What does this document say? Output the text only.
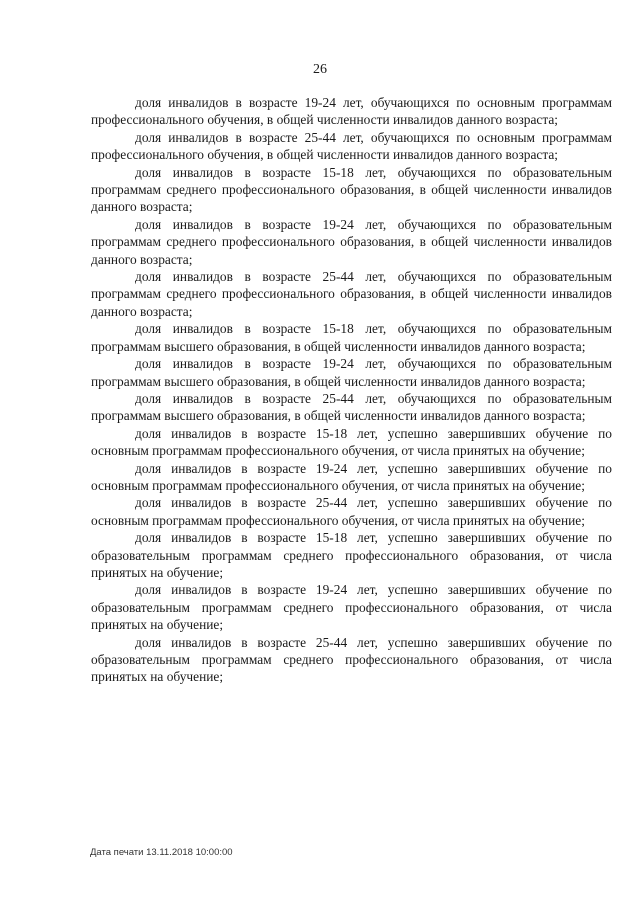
26

доля инвалидов в возрасте 19-24 лет, обучающихся по основным программам профессионального обучения, в общей численности инвалидов данного возраста;

доля инвалидов в возрасте 25-44 лет, обучающихся по основным программам профессионального обучения, в общей численности инвалидов данного возраста;

доля инвалидов в возрасте 15-18 лет, обучающихся по образовательным программам среднего профессионального образования, в общей численности инвалидов данного возраста;

доля инвалидов в возрасте 19-24 лет, обучающихся по образовательным программам среднего профессионального образования, в общей численности инвалидов данного возраста;

доля инвалидов в возрасте 25-44 лет, обучающихся по образовательным программам среднего профессионального образования, в общей численности инвалидов данного возраста;

доля инвалидов в возрасте 15-18 лет, обучающихся по образовательным программам высшего образования, в общей численности инвалидов данного возраста;

доля инвалидов в возрасте 19-24 лет, обучающихся по образовательным программам высшего образования, в общей численности инвалидов данного возраста;

доля инвалидов в возрасте 25-44 лет, обучающихся по образовательным программам высшего образования, в общей численности инвалидов данного возраста;

доля инвалидов в возрасте 15-18 лет, успешно завершивших обучение по основным программам профессионального обучения, от числа принятых на обучение;

доля инвалидов в возрасте 19-24 лет, успешно завершивших обучение по основным программам профессионального обучения, от числа принятых на обучение;

доля инвалидов в возрасте 25-44 лет, успешно завершивших обучение по основным программам профессионального обучения, от числа принятых на обучение;

доля инвалидов в возрасте 15-18 лет, успешно завершивших обучение по образовательным программам среднего профессионального образования, от числа принятых на обучение;

доля инвалидов в возрасте 19-24 лет, успешно завершивших обучение по образовательным программам среднего профессионального образования, от числа принятых на обучение;

доля инвалидов в возрасте 25-44 лет, успешно завершивших обучение по образовательным программам среднего профессионального образования, от числа принятых на обучение;

Дата печати 13.11.2018 10:00:00
